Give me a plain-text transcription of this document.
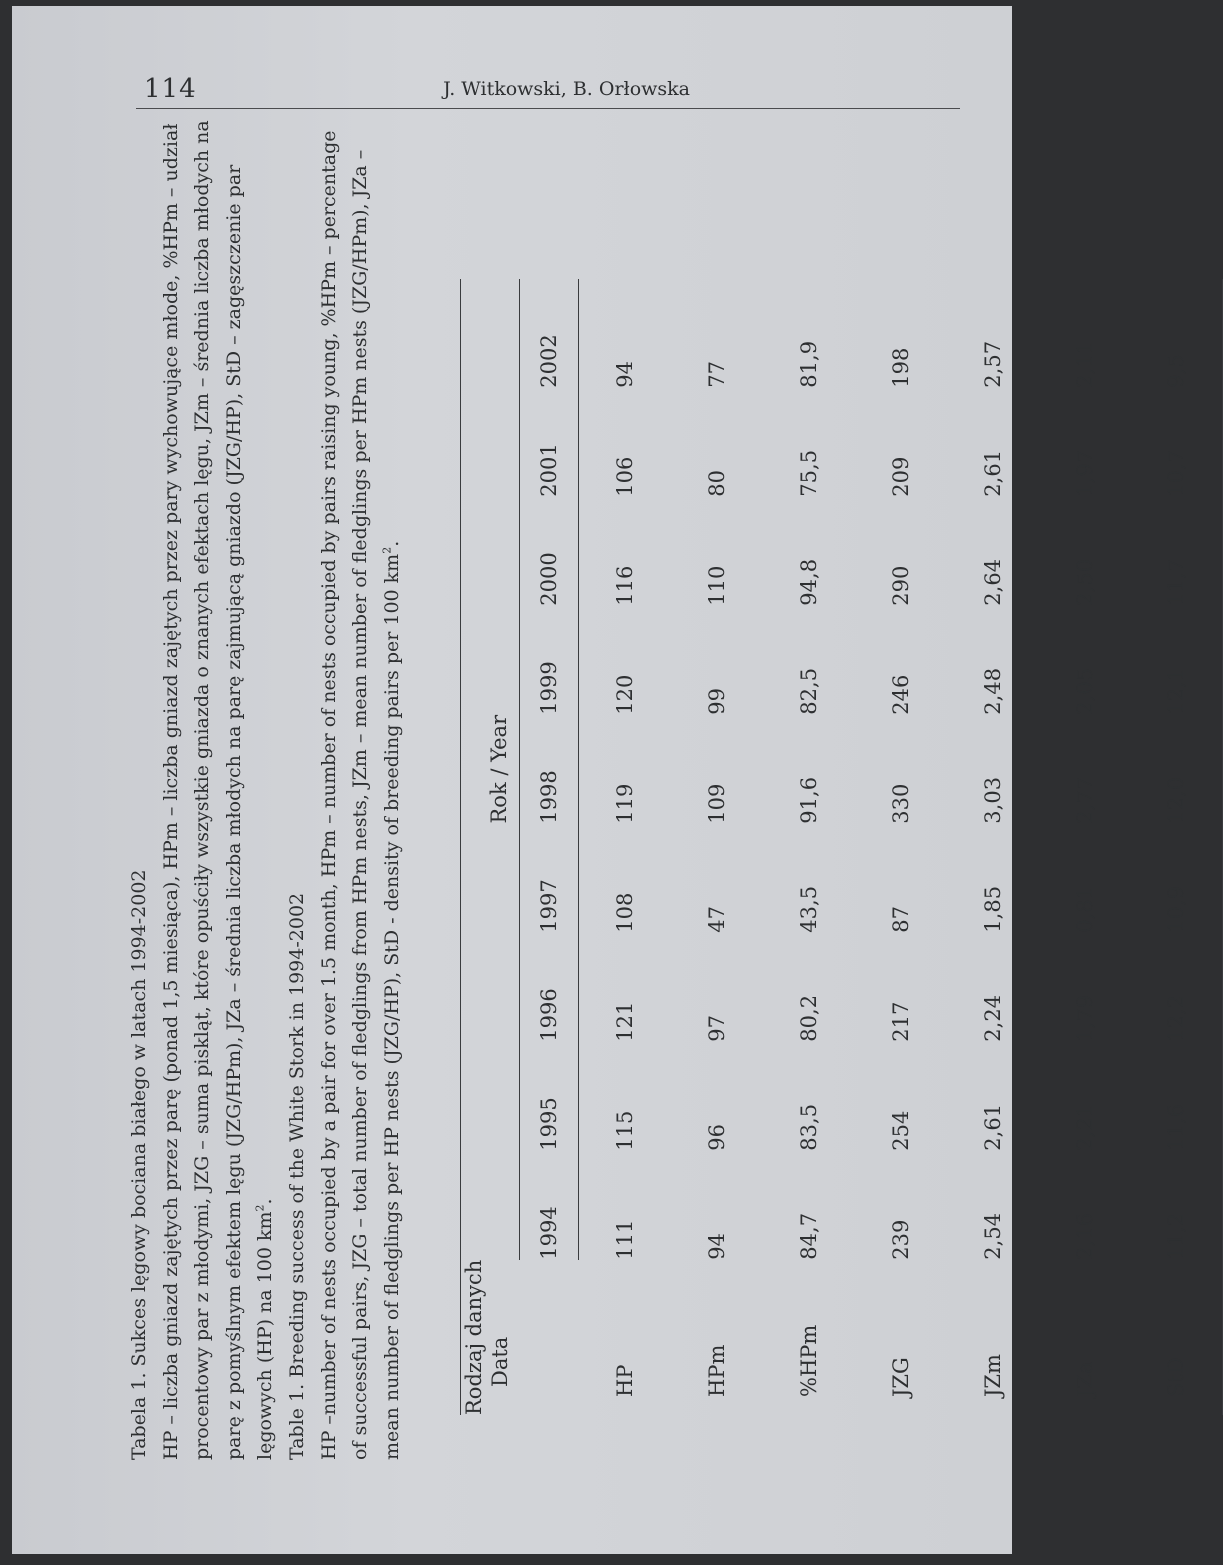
114	J. Witkowski, B. Orłowska

Tabela 1. Sukces lęgowy bociana białego w latach 1994-2002 HP – liczba gniazd zajętych przez parę (ponad 1,5 miesiąca), HPm – liczba gniazd zajętych przez pary wychowujące młode, %HPm – udział procentowy par z młodymi, JZG – suma piskląt, które opuściły wszystkie gniazda o znanych efektach lęgu, JZm – średnia liczba młodych na parę z pomyślnym efektem lęgu (JZG/HPm), JZa – średnia liczba młodych na parę zajmującą gniazdo (JZG/HP), StD – zagęszczenie par lęgowych (HP) na 100 $km^2$. Table 1. Breeding success of the White Stork in 1994-2002 HP –number of nests occupied by a pair for over 1.5 month, HPm – number of nests occupied by pairs raising young, %HPm – percentage of successful pairs, JZG – total number of fledglings from HPm nests, JZm – mean number of fledglings per HPm nests (JZG/HPm), JZa – mean number of fledglings per HP nests (JZG/HP), StD - density of breeding pairs per 100 $km^2$.

Rodzaj danych
Data	Rok / Year								
	1994	1995	1996	1997	1998	1999	2000	2001	2002
HP	111	115	121	108	119	120	116	106	94
HPm	94	96	97	47	109	99	110	80	77
%HPm	84,7	83,5	80,2	43,5	91,6	82,5	94,8	75,5	81,9
JZG	239	254	217	87	330	246	290	209	198
JZm	2,54	2,61	2,24	1,85	3,03	2,48	2,64	2,61	2,57
JZa	2,16	2,21	1,79	0,81	2,77	2,05	2,50	1,97	2,11
StD	11,2	11,6	12,2	10,9	12,0	12,1	11,7	10,7	9,5
